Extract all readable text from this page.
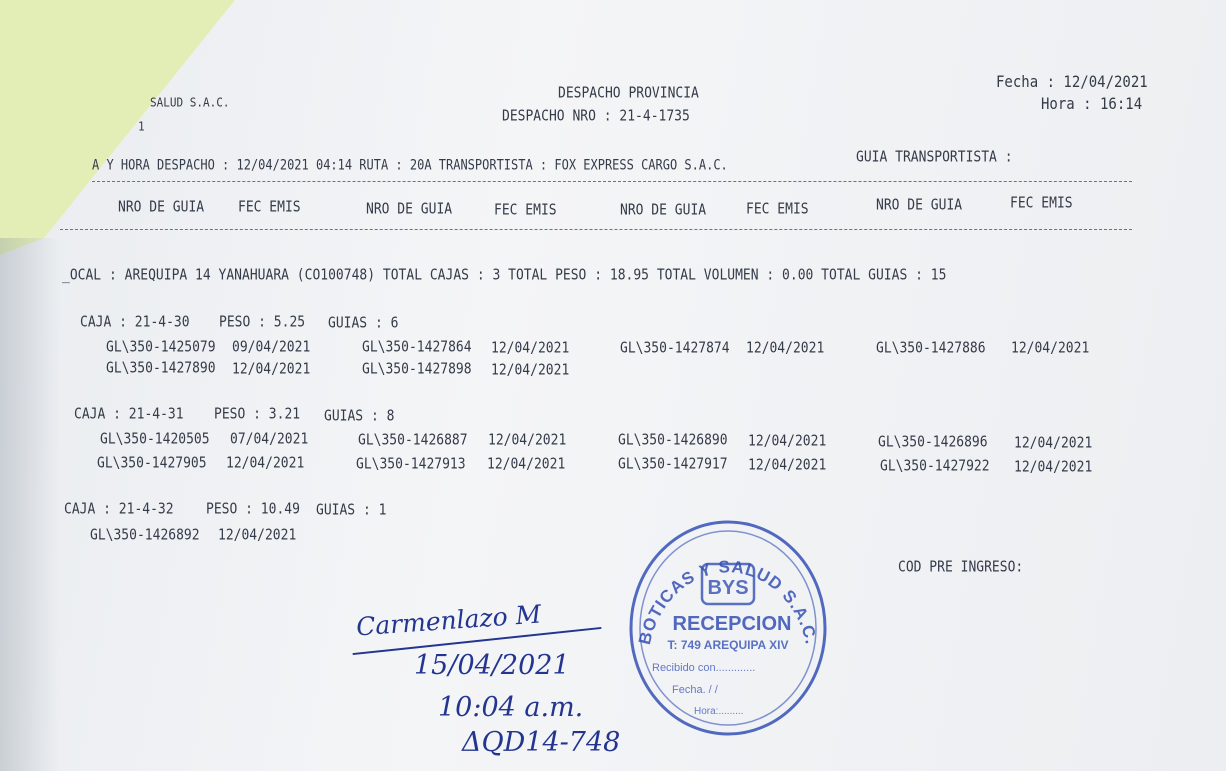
SALUD S.A.C.
1
DESPACHO PROVINCIA
DESPACHO NRO : 21-4-1735
Fecha : 12/04/2021
Hora : 16:14
A Y HORA DESPACHO : 12/04/2021 04:14 RUTA : 20A TRANSPORTISTA : FOX EXPRESS CARGO S.A.C.	GUIA TRANSPORTISTA :
NRO DE GUIA	FEC EMIS	NRO DE GUIA	FEC EMIS	NRO DE GUIA	FEC EMIS	NRO DE GUIA	FEC EMIS
_OCAL : AREQUIPA 14 YANAHUARA (CO100748) TOTAL CAJAS : 3 TOTAL PESO : 18.95 TOTAL VOLUMEN : 0.00 TOTAL GUIAS : 15
CAJA : 21-4-30 PESO : 5.25 GUIAS : 6
GL\350-1425079 09/04/2021	GL\350-1427864 12/04/2021	GL\350-1427874 12/04/2021	GL\350-1427886 12/04/2021
GL\350-1427890 12/04/2021	GL\350-1427898 12/04/2021
CAJA : 21-4-31 PESO : 3.21 GUIAS : 8
GL\350-1420505 07/04/2021	GL\350-1426887 12/04/2021	GL\350-1426890 12/04/2021	GL\350-1426896 12/04/2021
GL\350-1427905 12/04/2021	GL\350-1427913 12/04/2021	GL\350-1427917 12/04/2021	GL\350-1427922 12/04/2021
CAJA : 21-4-32 PESO : 10.49 GUIAS : 1
GL\350-1426892 12/04/2021
COD PRE INGRESO:
Carmenlazo M
15/04/2021
10:04 a.m.
ΔQD14-748
BOTICAS Y SALUD S.A.C.
BYS
RECEPCION
T: 749 AREQUIPA XIV
Recibido con.............
Fecha. / /
Hora:.........
